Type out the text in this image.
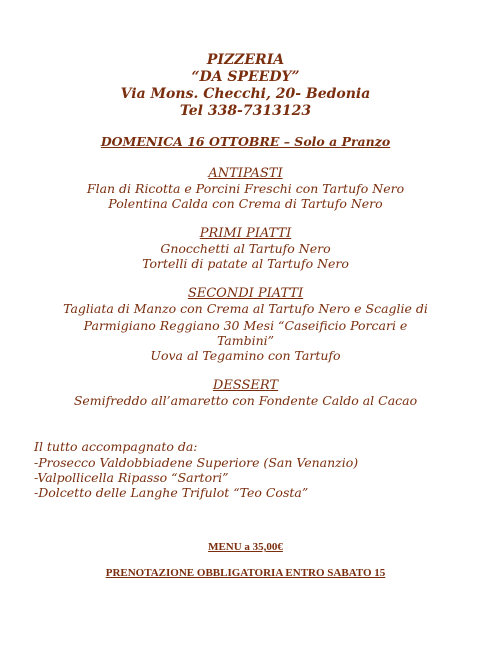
PIZZERIA
“DA SPEEDY”
Via Mons. Checchi, 20- Bedonia
Tel 338-7313123
DOMENICA 16 OTTOBRE – Solo a Pranzo
ANTIPASTI
Flan di Ricotta e Porcini Freschi con Tartufo Nero
Polentina Calda con Crema di Tartufo Nero
PRIMI PIATTI
Gnocchetti al Tartufo Nero
Tortelli di patate al Tartufo Nero
SECONDI PIATTI
Tagliata di Manzo con Crema al Tartufo Nero e Scaglie di
Parmigiano Reggiano 30 Mesi “Caseificio Porcari e
Tambini”
Uova al Tegamino con Tartufo
DESSERT
Semifreddo all’amaretto con Fondente Caldo al Cacao
Il tutto accompagnato da:
-Prosecco Valdobbiadene Superiore (San Venanzio)
-Valpollicella Ripasso “Sartori”
-Dolcetto delle Langhe Trifulot “Teo Costa”
MENU a 35,00€
PRENOTAZIONE OBBLIGATORIA ENTRO SABATO 15
